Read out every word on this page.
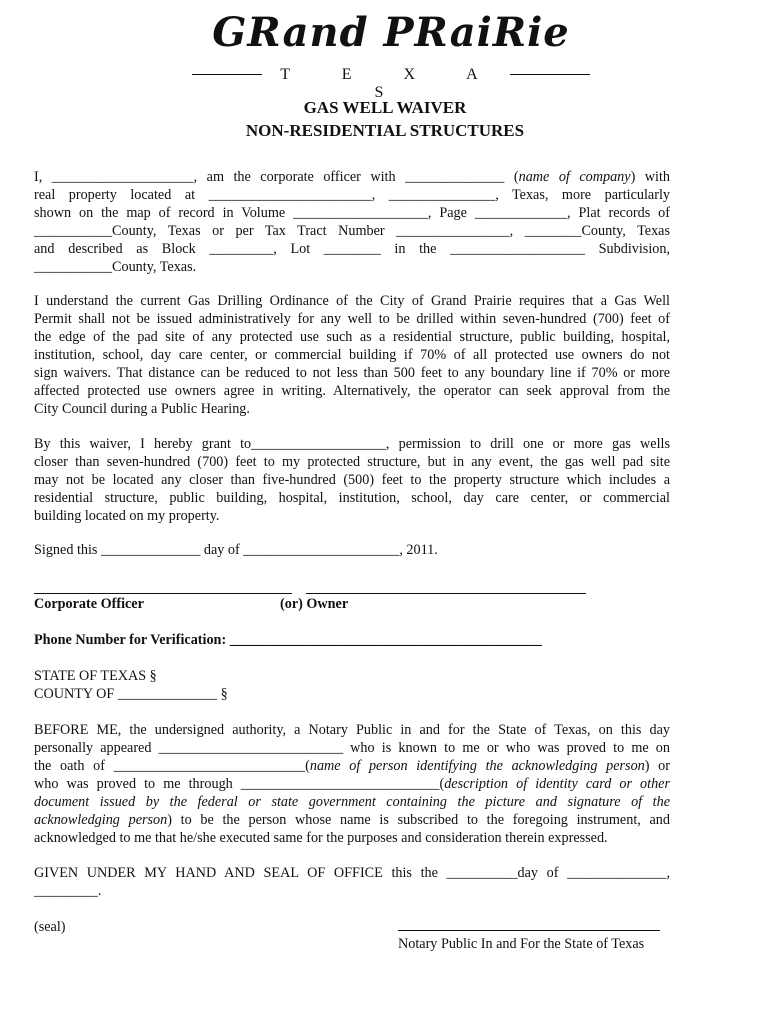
GRand PRaiRie
T E X A S
GAS WELL WAIVER
NON-RESIDENTIAL STRUCTURES
I, ____________________, am the corporate officer with ______________ (name of company) with
real property located at _______________________, _______________, Texas, more particularly
shown on the map of record in Volume ___________________, Page _____________, Plat records of
___________County, Texas or per Tax Tract Number ________________, ________County, Texas
and described as Block _________, Lot ________ in the ___________________ Subdivision,
___________County, Texas.
I understand the current Gas Drilling Ordinance of the City of Grand Prairie requires that a Gas Well
Permit shall not be issued administratively for any well to be drilled within seven-hundred (700) feet of
the edge of the pad site of any protected use such as a residential structure, public building, hospital,
institution, school, day care center, or commercial building if 70% of all protected use owners do not
sign waivers. That distance can be reduced to not less than 500 feet to any boundary line if 70% or more
affected protected use owners agree in writing. Alternatively, the operator can seek approval from the
City Council during a Public Hearing.
By this waiver, I hereby grant to___________________, permission to drill one or more gas wells
closer than seven-hundred (700) feet to my protected structure, but in any event, the gas well pad site
may not be located any closer than five-hundred (500) feet to the property structure which includes a
residential structure, public building, hospital, institution, school, day care center, or commercial
building located on my property.
Signed this ______________ day of ______________________, 2011.
Corporate Officer	(or) Owner
Phone Number for Verification: ____________________________________________
STATE OF TEXAS §
COUNTY OF ______________ §
BEFORE ME, the undersigned authority, a Notary Public in and for the State of Texas, on this day
personally appeared __________________________ who is known to me or who was proved to me on
the oath of ___________________________(name of person identifying the acknowledging person) or
who was proved to me through ____________________________(description of identity card or other
document issued by the federal or state government containing the picture and signature of the
acknowledging person) to be the person whose name is subscribed to the foregoing instrument, and
acknowledged to me that he/she executed same for the purposes and consideration therein expressed.
GIVEN UNDER MY HAND AND SEAL OF OFFICE this the __________day of ______________,
_________.
(seal)
Notary Public In and For the State of Texas
